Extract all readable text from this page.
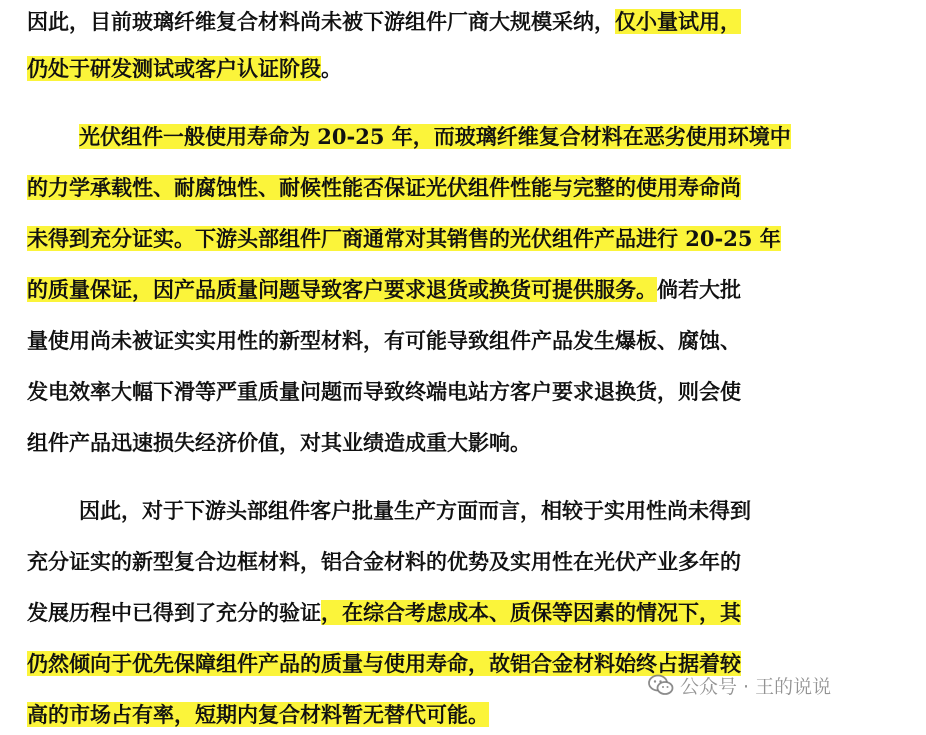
因此，目前玻璃纤维复合材料尚未被下游组件厂商大规模采纳，仅小量试用，
仍处于研发测试或客户认证阶段。
光伏组件一般使用寿命为 20-25 年，而玻璃纤维复合材料在恶劣使用环境中
的力学承载性、耐腐蚀性、耐候性能否保证光伏组件性能与完整的使用寿命尚
未得到充分证实。下游头部组件厂商通常对其销售的光伏组件产品进行 20-25 年
的质量保证，因产品质量问题导致客户要求退货或换货可提供服务。倘若大批
量使用尚未被证实实用性的新型材料，有可能导致组件产品发生爆板、腐蚀、
发电效率大幅下滑等严重质量问题而导致终端电站方客户要求退换货，则会使
组件产品迅速损失经济价值，对其业绩造成重大影响。
因此，对于下游头部组件客户批量生产方面而言，相较于实用性尚未得到
充分证实的新型复合边框材料，铝合金材料的优势及实用性在光伏产业多年的
发展历程中已得到了充分的验证，在综合考虑成本、质保等因素的情况下，其
仍然倾向于优先保障组件产品的质量与使用寿命，故铝合金材料始终占据着较
高的市场占有率，短期内复合材料暂无替代可能。
公众号 · 王的说说
